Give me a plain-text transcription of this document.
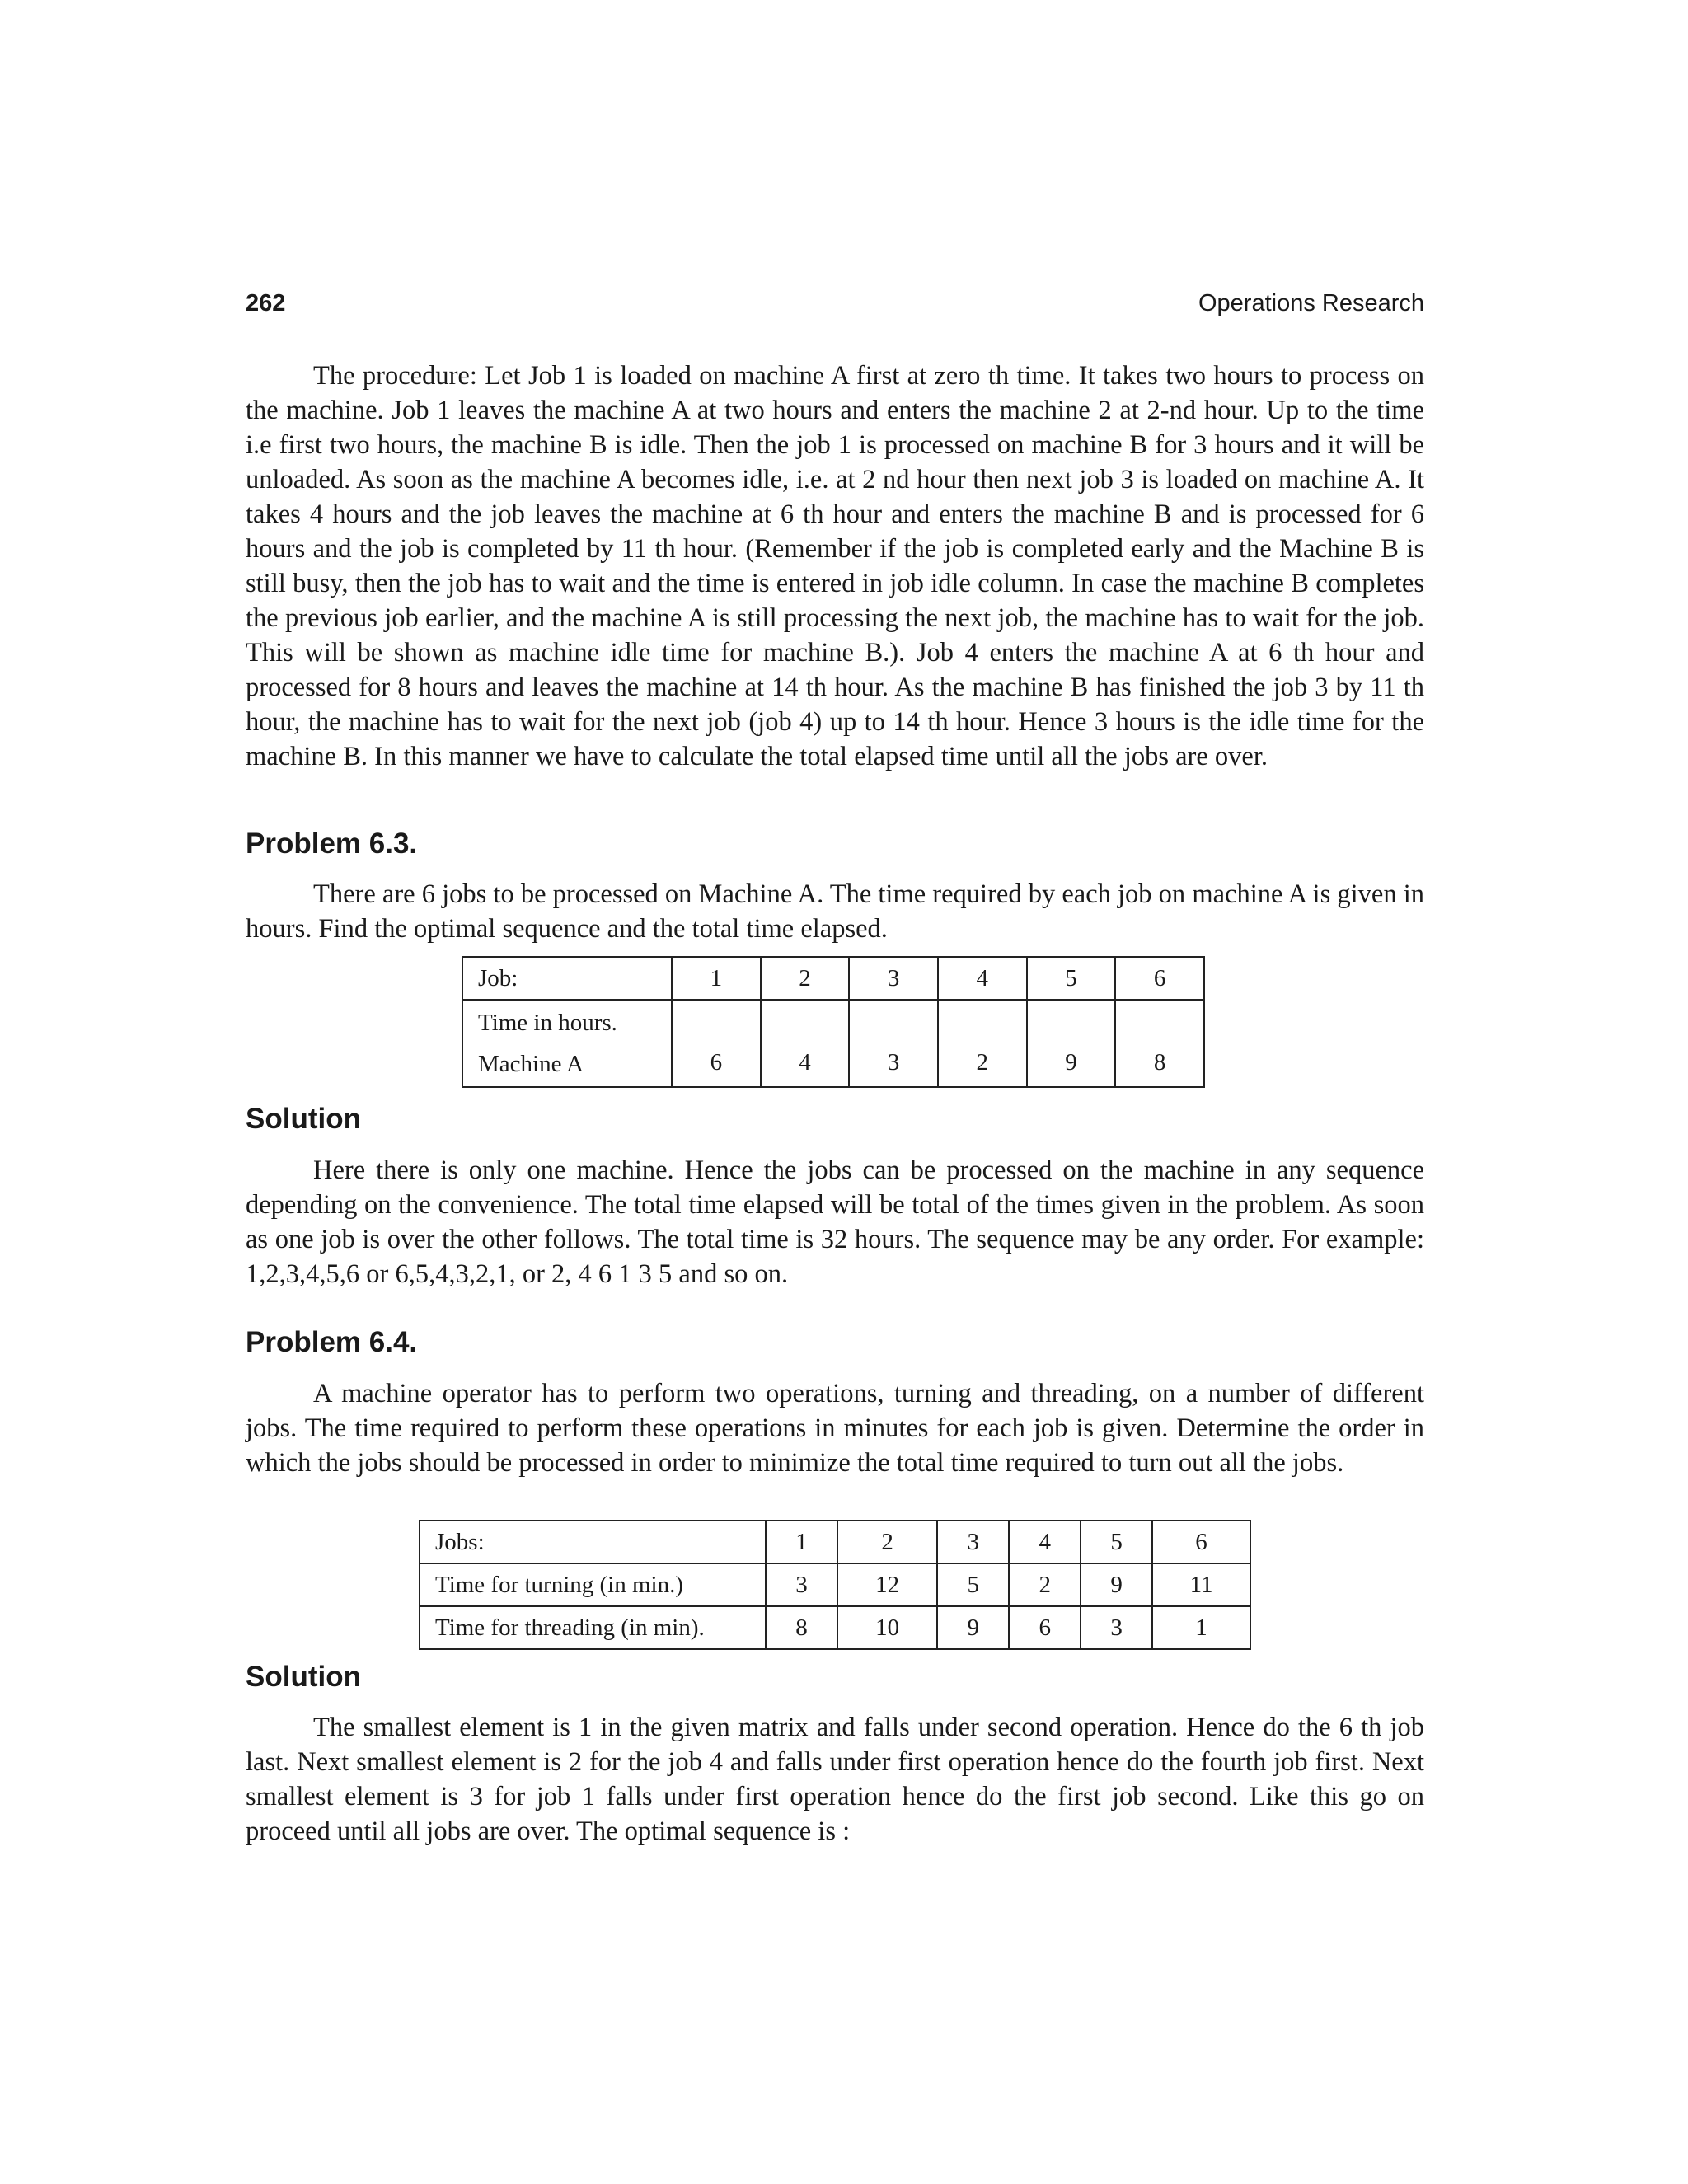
262	Operations Research

The procedure: Let Job 1 is loaded on machine A first at zero th time. It takes two hours to process on the machine. Job 1 leaves the machine A at two hours and enters the machine 2 at 2-nd hour. Up to the time i.e first two hours, the machine B is idle. Then the job 1 is processed on machine B for 3 hours and it will be unloaded. As soon as the machine A becomes idle, i.e. at 2 nd hour then next job 3 is loaded on machine A. It takes 4 hours and the job leaves the machine at 6 th hour and enters the machine B and is processed for 6 hours and the job is completed by 11 th hour. (Remember if the job is completed early and the Machine B is still busy, then the job has to wait and the time is entered in job idle column. In case the machine B completes the previous job earlier, and the machine A is still processing the next job, the machine has to wait for the job. This will be shown as machine idle time for machine B.). Job 4 enters the machine A at 6 th hour and processed for 8 hours and leaves the machine at 14 th hour. As the machine B has finished the job 3 by 11 th hour, the machine has to wait for the next job (job 4) up to 14 th hour. Hence 3 hours is the idle time for the machine B. In this manner we have to calculate the total elapsed time until all the jobs are over.

Problem 6.3.

There are 6 jobs to be processed on Machine A. The time required by each job on machine A is given in hours. Find the optimal sequence and the total time elapsed.

Job:	1	2	3	4	5	6

Time in hours.
Machine A	6	4	3	2	9	8
Solution

Here there is only one machine. Hence the jobs can be processed on the machine in any sequence depending on the convenience. The total time elapsed will be total of the times given in the problem. As soon as one job is over the other follows. The total time is 32 hours. The sequence may be any order. For example: 1,2,3,4,5,6 or 6,5,4,3,2,1, or 2, 4 6 1 3 5 and so on.

Problem 6.4.

A machine operator has to perform two operations, turning and threading, on a number of different jobs. The time required to perform these operations in minutes for each job is given. Determine the order in which the jobs should be processed in order to minimize the total time required to turn out all the jobs.

Jobs:	1	2	3	4	5	6
Time for turning (in min.)	3	12	5	2	9	11
Time for threading (in min).	8	10	9	6	3	1
Solution

The smallest element is 1 in the given matrix and falls under second operation. Hence do the 6 th job last. Next smallest element is 2 for the job 4 and falls under first operation hence do the fourth job first. Next smallest element is 3 for job 1 falls under first operation hence do the first job second. Like this go on proceed until all jobs are over. The optimal sequence is :
